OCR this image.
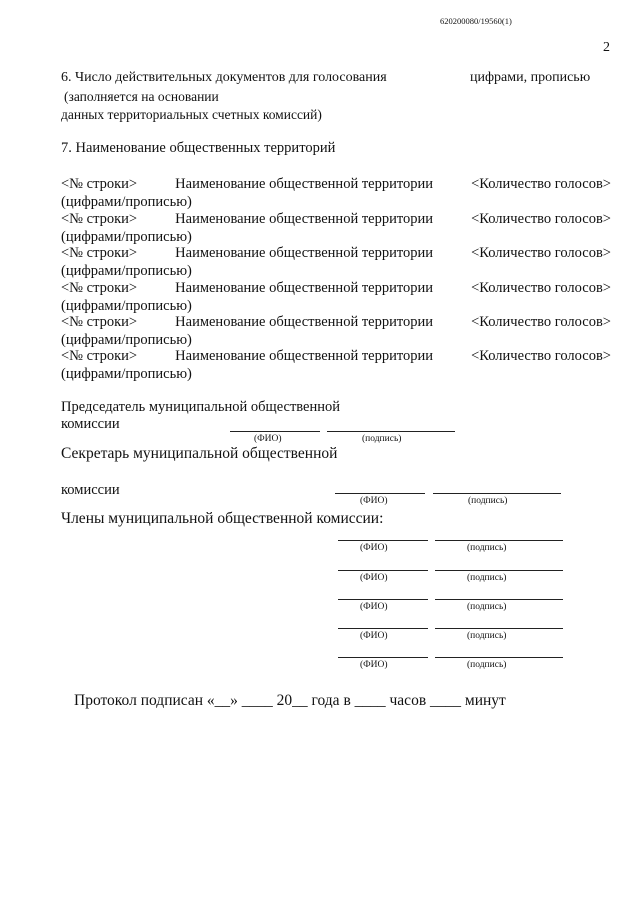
620200080/19560(1)
2
6. Число действительных документов для голосования	цифрами, прописью
(заполняется на основании
данных территориальных счетных комиссий)
7. Наименование общественных территорий
<№ строки>	Наименование общественной территории	<Количество голосов>
(цифрами/прописью)
<№ строки>	Наименование общественной территории	<Количество голосов>
(цифрами/прописью)
<№ строки>	Наименование общественной территории	<Количество голосов>
(цифрами/прописью)
<№ строки>	Наименование общественной территории	<Количество голосов>
(цифрами/прописью)
<№ строки>	Наименование общественной территории	<Количество голосов>
(цифрами/прописью)
<№ строки>	Наименование общественной территории	<Количество голосов>
(цифрами/прописью)
Председатель муниципальной общественной
комиссии
(ФИО)	(подпись)
Секретарь муниципальной общественной
комиссии
(ФИО)	(подпись)
Члены муниципальной общественной комиссии:
(ФИО)	(подпись)
(ФИО)	(подпись)
(ФИО)	(подпись)
(ФИО)	(подпись)
(ФИО)	(подпись)
Протокол подписан «__» ____ 20__ года в ____ часов ____ минут
